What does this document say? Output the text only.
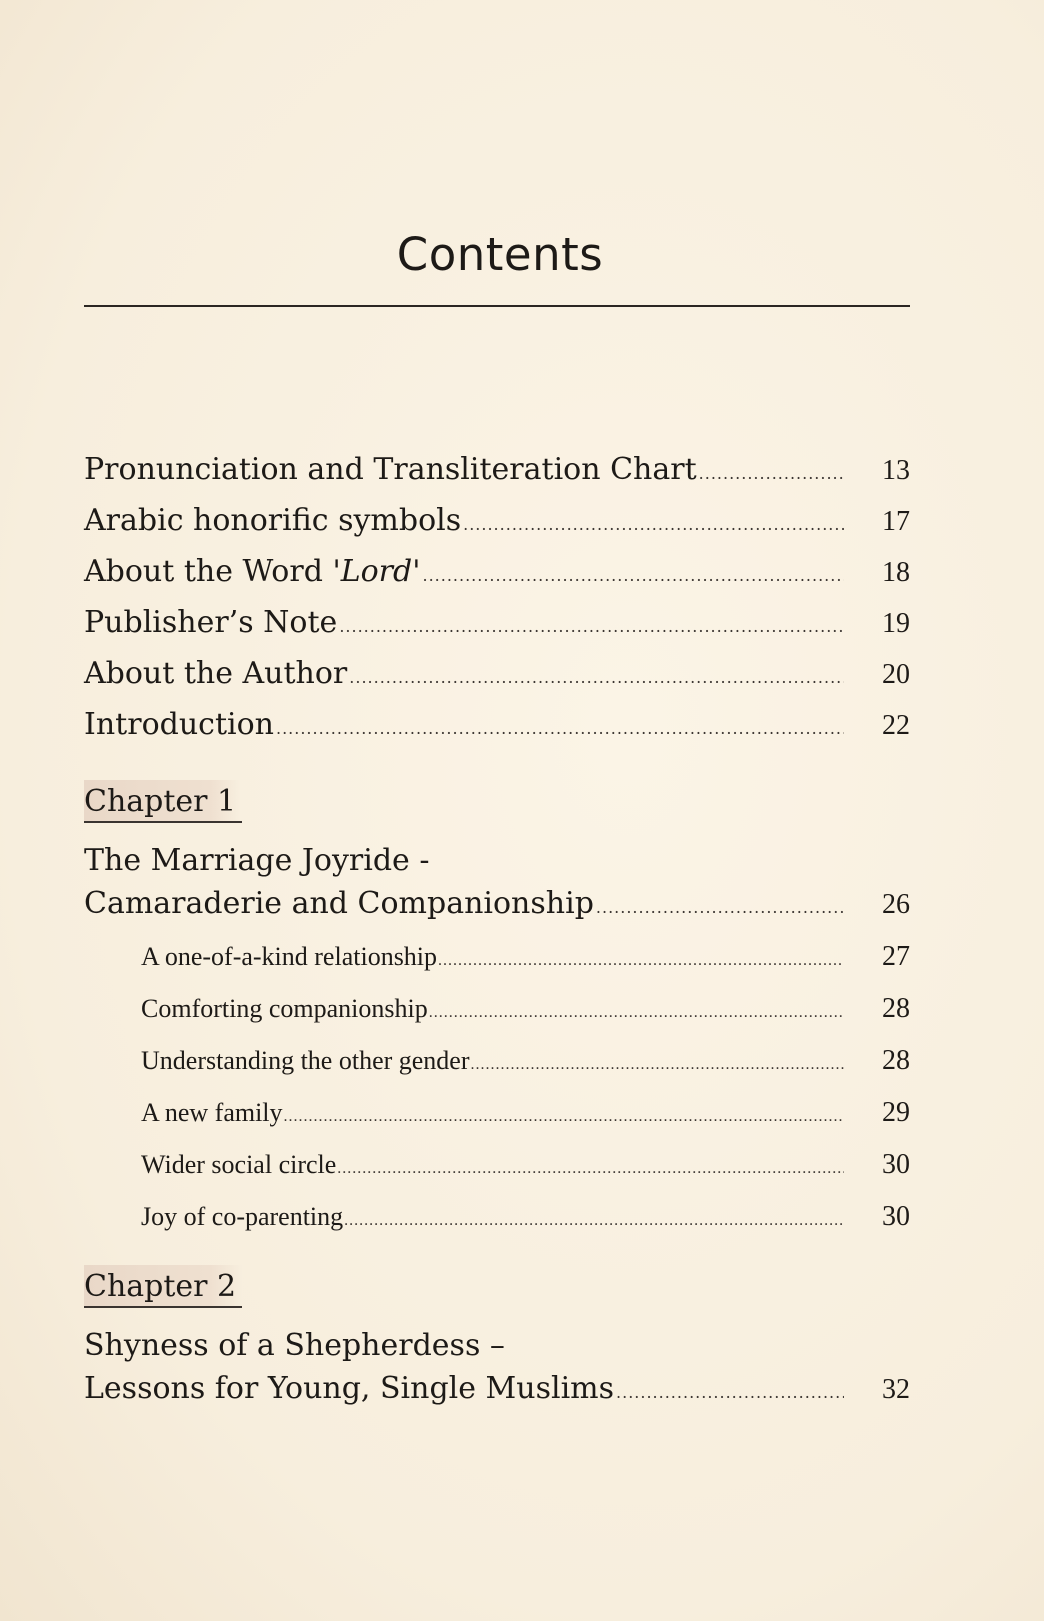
Contents
Pronunciation and Transliteration Chart .....	13
Arabic honorific symbols .....	17
About the Word 'Lord' .....	18
Publisher’s Note .....	19
About the Author .....	20
Introduction .....	22
Chapter 1
The Marriage Joyride -
Camaraderie and Companionship .....	26
A one-of-a-kind relationship .....	27
Comforting companionship .....	28
Understanding the other gender .....	28
A new family .....	29
Wider social circle .....	30
Joy of co-parenting .....	30
Chapter 2
Shyness of a Shepherdess –
Lessons for Young, Single Muslims .....	32
